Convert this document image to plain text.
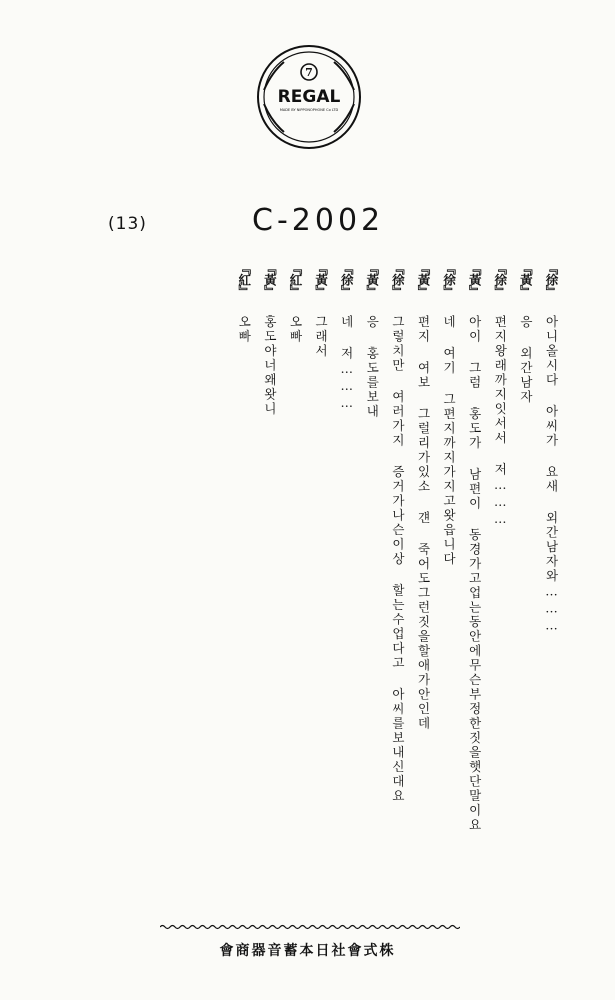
7
REGAL
MADE BY NIPPONOPHONE Co LTD
(13)	C-2002
『徐』
아니올시다 아씨가 요새 외간남자와………
『黃』
응 외간남자
『徐』
편지왕래까지잇서서 저………
『黃』
아이 그럼 홍도가 남편이 동경가고업는동안에무슨부정한짓을햇단말이요
『徐』
네 여기 그편지까지가지고왓읍니다
『黃』
편지 여보 그럴리가있소 걘 죽어도그런짓을할애가안인데
『徐』
그렇치만 여러가지 증거가나슨이상 할는수업다고 아씨를보내신대요
『黃』
응 홍도를보내
『徐』
네 저………
『黃』
그래서
『紅』
오빠
『黃』
홍도야너왜왓니
『紅』
오빠
會商器音蓄本日社會式株
